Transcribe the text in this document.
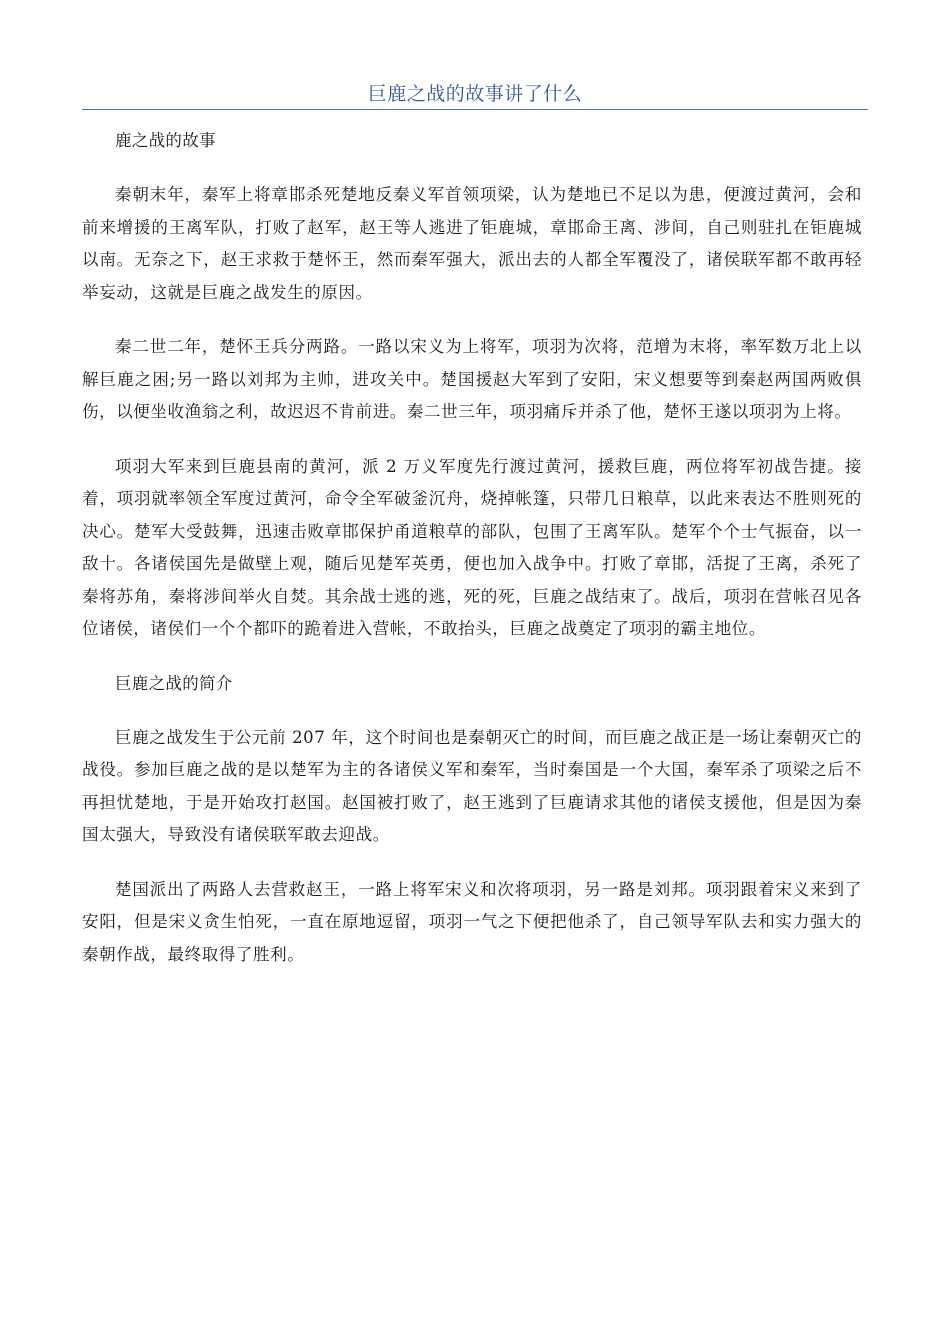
巨鹿之战的故事讲了什么

鹿之战的故事

秦朝末年，秦军上将章邯杀死楚地反秦义军首领项梁，认为楚地已不足以为患，便渡过黄河，会和前来增援的王离军队，打败了赵军，赵王等人逃进了钜鹿城，章邯命王离、涉间，自己则驻扎在钜鹿城以南。无奈之下，赵王求救于楚怀王，然而秦军强大，派出去的人都全军覆没了，诸侯联军都不敢再轻举妄动，这就是巨鹿之战发生的原因。

秦二世二年，楚怀王兵分两路。一路以宋义为上将军，项羽为次将，范增为末将，率军数万北上以解巨鹿之困;另一路以刘邦为主帅，进攻关中。楚国援赵大军到了安阳，宋义想要等到秦赵两国两败俱伤，以便坐收渔翁之利，故迟迟不肯前进。秦二世三年，项羽痛斥并杀了他，楚怀王遂以项羽为上将。

项羽大军来到巨鹿县南的黄河，派 2 万义军度先行渡过黄河，援救巨鹿，两位将军初战告捷。接着，项羽就率领全军度过黄河，命令全军破釜沉舟，烧掉帐篷，只带几日粮草，以此来表达不胜则死的决心。楚军大受鼓舞，迅速击败章邯保护甬道粮草的部队，包围了王离军队。楚军个个士气振奋，以一敌十。各诸侯国先是做壁上观，随后见楚军英勇，便也加入战争中。打败了章邯，活捉了王离，杀死了秦将苏角，秦将涉间举火自焚。其余战士逃的逃，死的死，巨鹿之战结束了。战后，项羽在营帐召见各位诸侯，诸侯们一个个都吓的跪着进入营帐，不敢抬头，巨鹿之战奠定了项羽的霸主地位。

巨鹿之战的简介

巨鹿之战发生于公元前 207 年，这个时间也是秦朝灭亡的时间，而巨鹿之战正是一场让秦朝灭亡的战役。参加巨鹿之战的是以楚军为主的各诸侯义军和秦军，当时秦国是一个大国，秦军杀了项梁之后不再担忧楚地，于是开始攻打赵国。赵国被打败了，赵王逃到了巨鹿请求其他的诸侯支援他，但是因为秦国太强大，导致没有诸侯联军敢去迎战。

楚国派出了两路人去营救赵王，一路上将军宋义和次将项羽，另一路是刘邦。项羽跟着宋义来到了安阳，但是宋义贪生怕死，一直在原地逗留，项羽一气之下便把他杀了，自己领导军队去和实力强大的秦朝作战，最终取得了胜利。
